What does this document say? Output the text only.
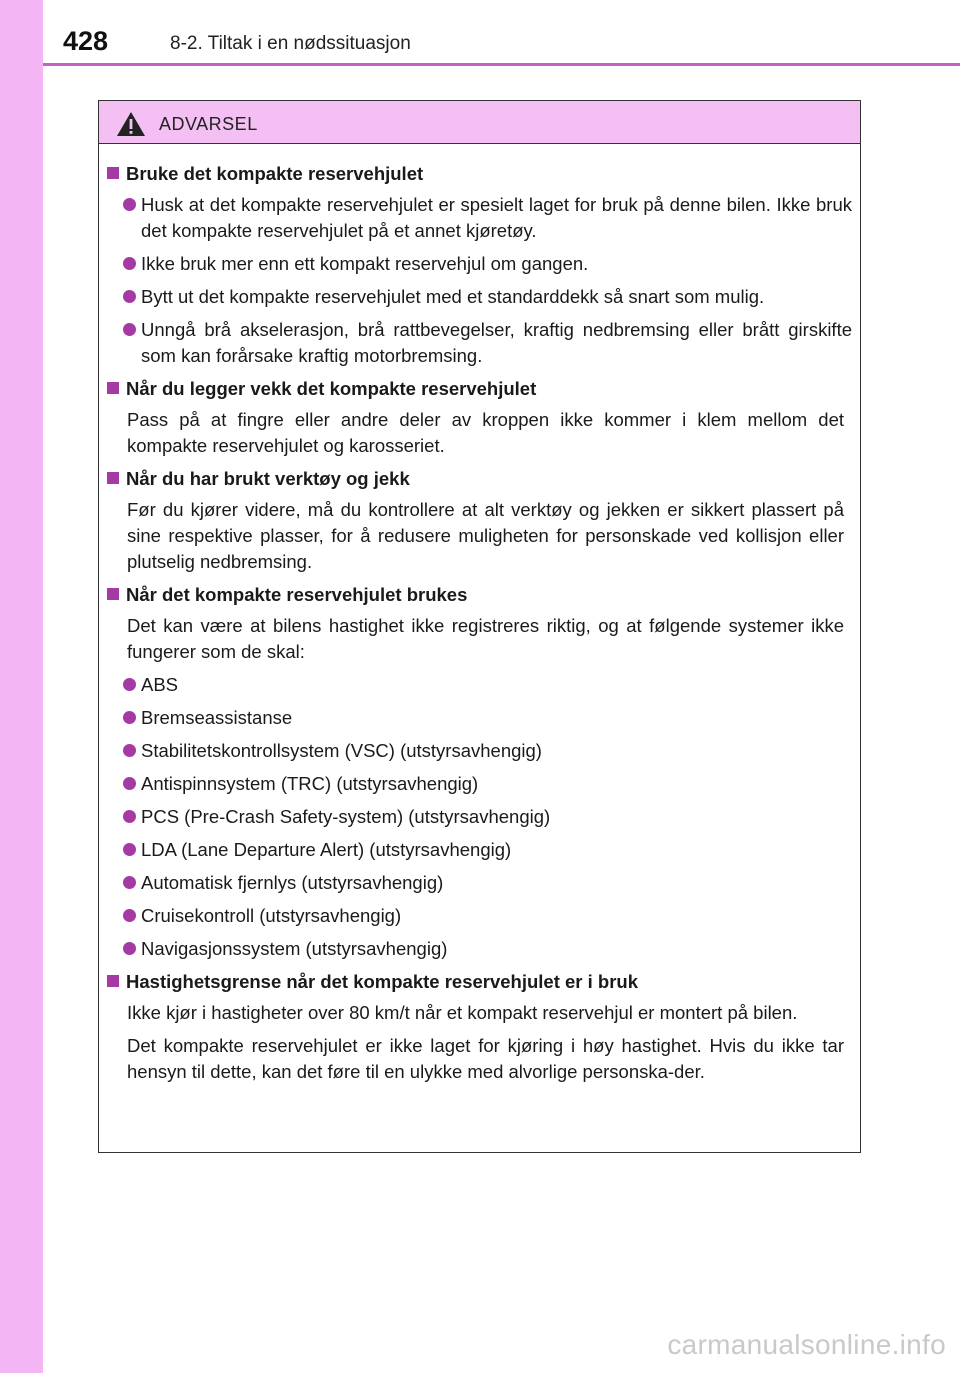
428	8-2. Tiltak i en nødssituasjon
ADVARSEL
Bruke det kompakte reservehjulet
Husk at det kompakte reservehjulet er spesielt laget for bruk på denne bilen. Ikke bruk det kompakte reservehjulet på et annet kjøretøy.
Ikke bruk mer enn ett kompakt reservehjul om gangen.
Bytt ut det kompakte reservehjulet med et standarddekk så snart som mulig.
Unngå brå akselerasjon, brå rattbevegelser, kraftig nedbremsing eller brått girskifte som kan forårsake kraftig motorbremsing.
Når du legger vekk det kompakte reservehjulet
Pass på at fingre eller andre deler av kroppen ikke kommer i klem mellom det kompakte reservehjulet og karosseriet.
Når du har brukt verktøy og jekk
Før du kjører videre, må du kontrollere at alt verktøy og jekken er sikkert plassert på sine respektive plasser, for å redusere muligheten for personskade ved kollisjon eller plutselig nedbremsing.
Når det kompakte reservehjulet brukes
Det kan være at bilens hastighet ikke registreres riktig, og at følgende systemer ikke fungerer som de skal:
ABS
Bremseassistanse
Stabilitetskontrollsystem (VSC) (utstyrsavhengig)
Antispinnsystem (TRC) (utstyrsavhengig)
PCS (Pre-Crash Safety-system) (utstyrsavhengig)
LDA (Lane Departure Alert) (utstyrsavhengig)
Automatisk fjernlys (utstyrsavhengig)
Cruisekontroll (utstyrsavhengig)
Navigasjonssystem (utstyrsavhengig)
Hastighetsgrense når det kompakte reservehjulet er i bruk
Ikke kjør i hastigheter over 80 km/t når et kompakt reservehjul er montert på bilen.
Det kompakte reservehjulet er ikke laget for kjøring i høy hastighet. Hvis du ikke tar hensyn til dette, kan det føre til en ulykke med alvorlige personska-der.
carmanualsonline.info
